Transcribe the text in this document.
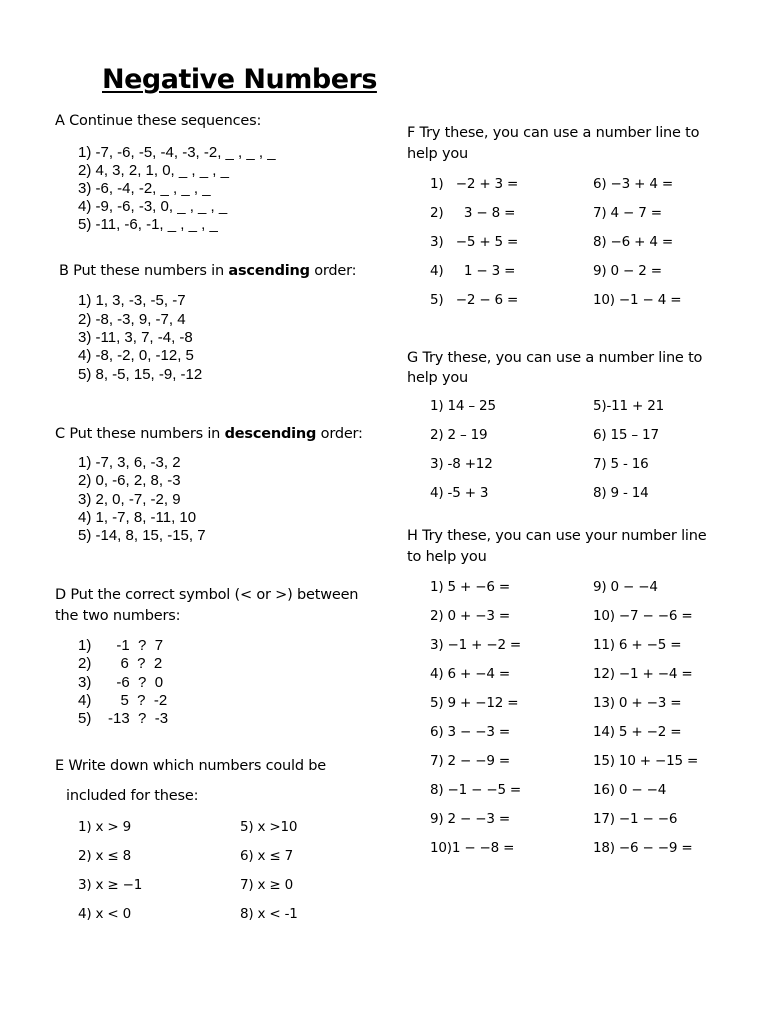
Negative Numbers
A Continue these sequences:
1) -7, -6, -5, -4, -3, -2, _ , _ , _
2) 4, 3, 2, 1, 0, _ , _ , _
3) -6, -4, -2, _ , _ , _
4) -9, -6, -3, 0, _ , _ , _
5) -11, -6, -1, _ , _ , _
B Put these numbers in ascending order:
1) 1, 3, -3, -5, -7
2) -8, -3, 9, -7, 4
3) -11, 3, 7, -4, -8
4) -8, -2, 0, -12, 5
5) 8, -5, 15, -9, -12
C Put these numbers in descending order:
1) -7, 3, 6, -3, 2
2) 0, -6, 2, 8, -3
3) 2, 0, -7, -2, 9
4) 1, -7, 8, -11, 10
5) -14, 8, 15, -15, 7
D Put the correct symbol (< or >) between
the two numbers:
1)      -1  ?  7
2)       6  ?  2
3)      -6  ?  0
4)       5  ?  -2
5)    -13  ?  -3
E Write down which numbers could be
included for these:
1) x > 9
2) x ≤ 8
3) x ≥ −1
4) x < 0
5) x >10
6) x ≤ 7
7) x ≥ 0
8) x < -1
F Try these, you can use a number line to
help you
1)   −2 + 3 =
2)     3 − 8 =
3)   −5 + 5 =
4)     1 − 3 =
5)   −2 − 6 =
6) −3 + 4 =
7) 4 − 7 =
8) −6 + 4 =
9) 0 − 2 =
10) −1 − 4 =
G Try these, you can use a number line to
help you
1) 14 – 25
2) 2 – 19
3) -8 +12
4) -5 + 3
5)-11 + 21
6) 15 – 17
7) 5 - 16
8) 9 - 14
H Try these, you can use your number line
to help you
1) 5 + −6 =
2) 0 + −3 =
3) −1 + −2 =
4) 6 + −4 =
5) 9 + −12 =
6) 3 − −3 =
7) 2 − −9 =
8) −1 − −5 =
9) 2 − −3 =
10)1 − −8 =
9) 0 − −4
10) −7 − −6 =
11) 6 + −5 =
12) −1 + −4 =
13) 0 + −3 =
14) 5 + −2 =
15) 10 + −15 =
16) 0 − −4
17) −1 − −6
18) −6 − −9 =
